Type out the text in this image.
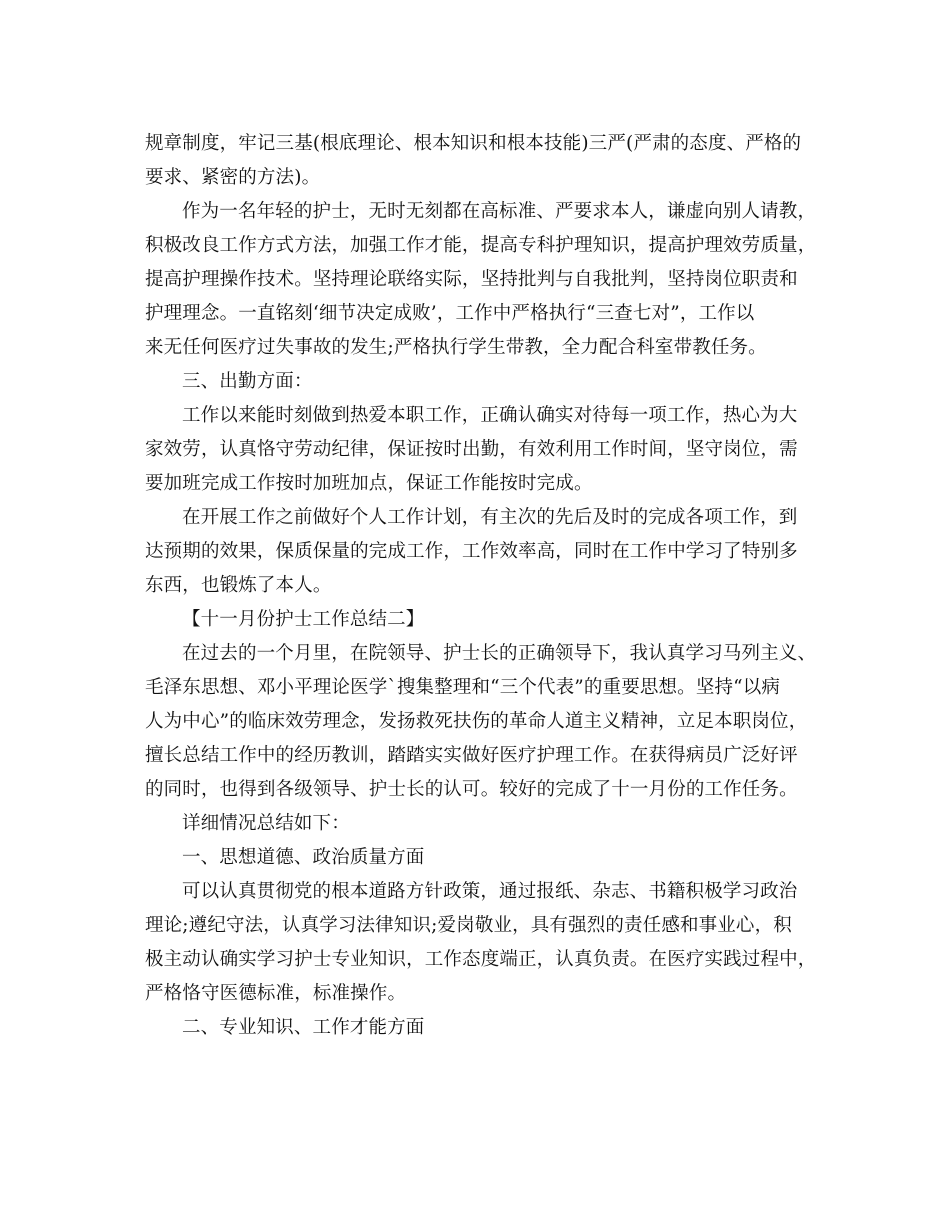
规章制度，牢记三基(根底理论、根本知识和根本技能)三严(严肃的态度、严格的
要求、紧密的方法)。

作为一名年轻的护士，无时无刻都在高标准、严要求本人，谦虚向别人请教，
积极改良工作方式方法，加强工作才能，提高专科护理知识，提高护理效劳质量，
提高护理操作技术。坚持理论联络实际，坚持批判与自我批判，坚持岗位职责和
护理理念。一直铭刻‘细节决定成败’，工作中严格执行“三查七对”，工作以
来无任何医疗过失事故的发生;严格执行学生带教，全力配合科室带教任务。

三、出勤方面：

工作以来能时刻做到热爱本职工作，正确认确实对待每一项工作，热心为大
家效劳，认真恪守劳动纪律，保证按时出勤，有效利用工作时间，坚守岗位，需
要加班完成工作按时加班加点，保证工作能按时完成。

在开展工作之前做好个人工作计划，有主次的先后及时的完成各项工作，到
达预期的效果，保质保量的完成工作，工作效率高，同时在工作中学习了特别多
东西，也锻炼了本人。

【十一月份护士工作总结二】

在过去的一个月里，在院领导、护士长的正确领导下，我认真学习马列主义、
毛泽东思想、邓小平理论医学`搜集整理和“三个代表”的重要思想。坚持“以病
人为中心”的临床效劳理念，发扬救死扶伤的革命人道主义精神，立足本职岗位，
擅长总结工作中的经历教训，踏踏实实做好医疗护理工作。在获得病员广泛好评
的同时，也得到各级领导、护士长的认可。较好的完成了十一月份的工作任务。

详细情况总结如下：

一、思想道德、政治质量方面

可以认真贯彻党的根本道路方针政策，通过报纸、杂志、书籍积极学习政治
理论;遵纪守法，认真学习法律知识;爱岗敬业，具有强烈的责任感和事业心，积
极主动认确实学习护士专业知识，工作态度端正，认真负责。在医疗实践过程中，
严格恪守医德标准，标准操作。

二、专业知识、工作才能方面
